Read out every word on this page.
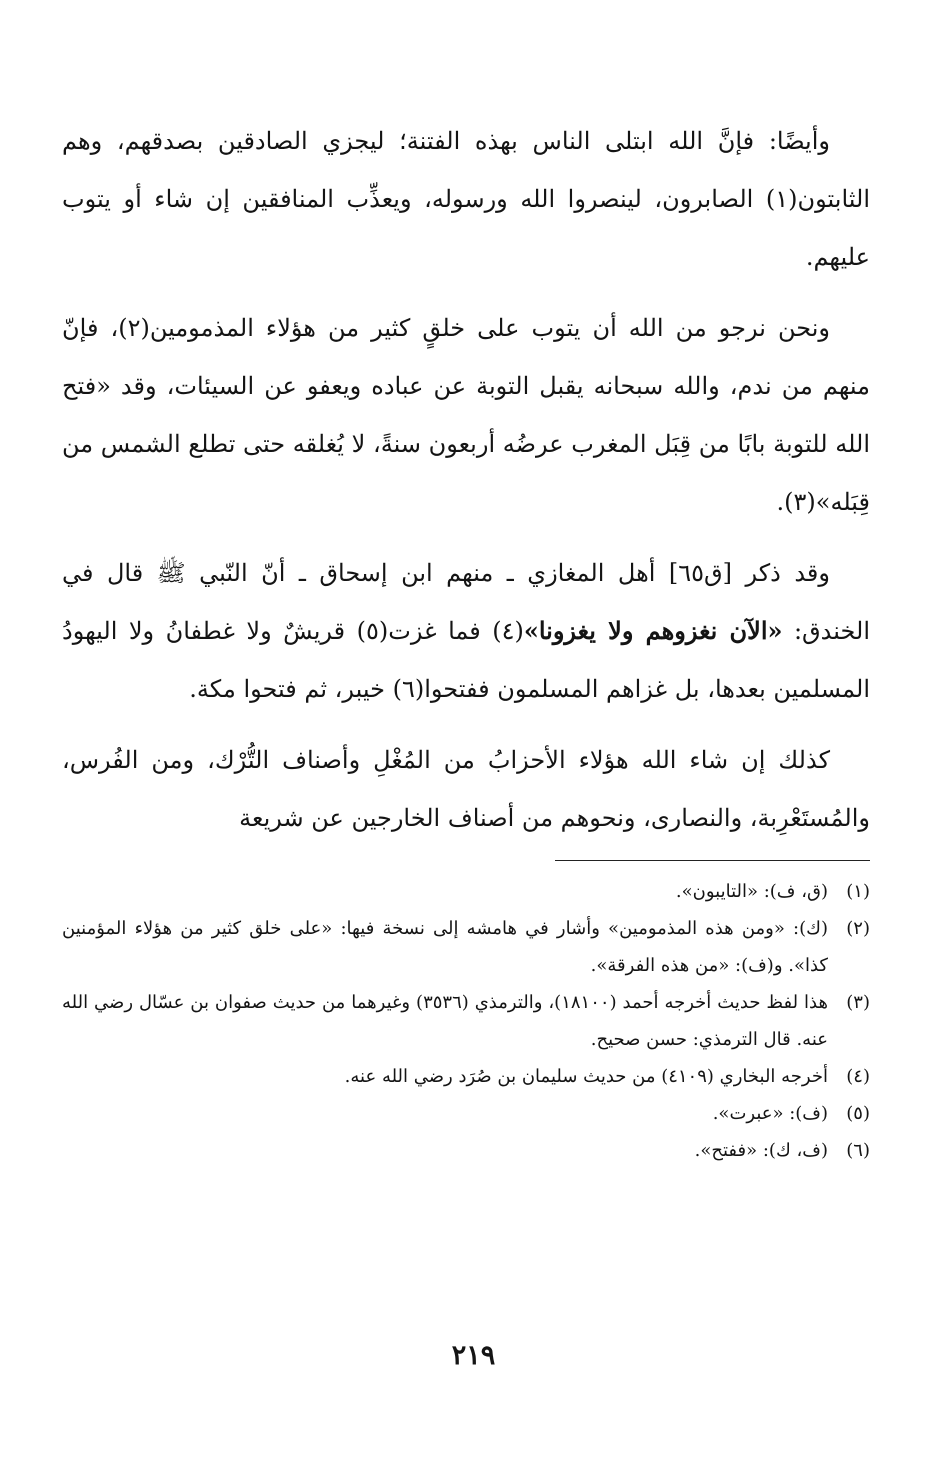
وأيضًا: فإنَّ الله ابتلى الناس بهذه الفتنة؛ ليجزي الصادقين بصدقهم، وهم الثابتون(١) الصابرون، لينصروا الله ورسوله، ويعذِّب المنافقين إن شاء أو يتوب عليهم.

ونحن نرجو من الله أن يتوب على خلقٍ كثير من هؤلاء المذمومين(٢)، فإنّ منهم من ندم، والله سبحانه يقبل التوبة عن عباده ويعفو عن السيئات، وقد «فتح الله للتوبة بابًا من قِبَل المغرب عرضُه أربعون سنةً، لا يُغلقه حتى تطلع الشمس من قِبَله»(٣).

وقد ذكر [ق٦٥] أهل المغازي ـ منهم ابن إسحاق ـ أنّ النّبي ﷺ قال في الخندق: «الآن نغزوهم ولا يغزونا»(٤) فما غزت(٥) قريشٌ ولا غطفانُ ولا اليهودُ المسلمين بعدها، بل غزاهم المسلمون ففتحوا(٦) خيبر، ثم فتحوا مكة.

كذلك إن شاء الله هؤلاء الأحزابُ من المُغْلِ وأصناف التُّرْك، ومن الفُرس، والمُستَعْرِبة، والنصارى، ونحوهم من أصناف الخارجين عن شريعة

(١)
(ق، ف): «التايبون».
(٢)
(ك): «ومن هذه المذمومين» وأشار في هامشه إلى نسخة فيها: «على خلق كثير من هؤلاء المؤمنين كذا». و(ف): «من هذه الفرقة».
(٣)
هذا لفظ حديث أخرجه أحمد (١٨١٠٠)، والترمذي (٣٥٣٦) وغيرهما من حديث صفوان بن عسّال رضي الله عنه. قال الترمذي: حسن صحيح.
(٤)
أخرجه البخاري (٤١٠٩) من حديث سليمان بن صُرَد رضي الله عنه.
(٥)
(ف): «عبرت».
(٦)
(ف، ك): «ففتح».
٢١٩
